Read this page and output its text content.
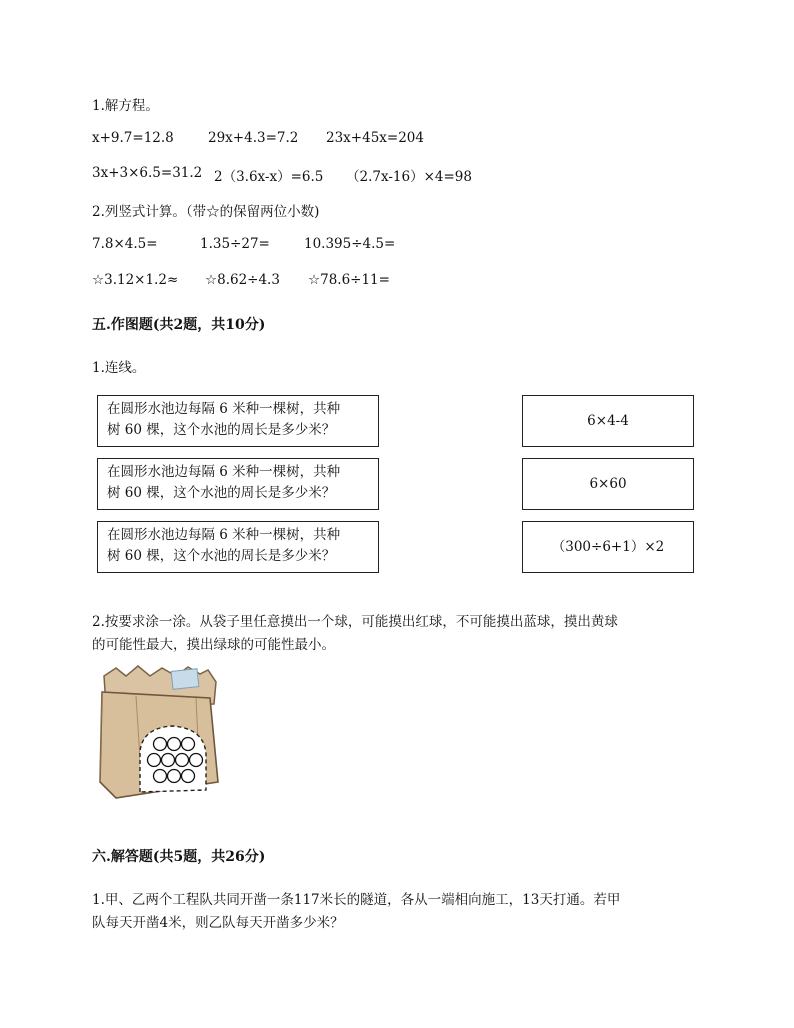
1.解方程。
x+9.7=12.8	29x+4.3=7.2 23x+45x=204
3x+3×6.5=31.2 2（3.6x-x）=6.5 （2.7x-16）×4=98
2.列竖式计算。（带☆的保留两位小数)
7.8×4.5=	1.35÷27=	10.395÷4.5=
☆3.12×1.2≈ ☆8.62÷4.3 ☆78.6÷11=
五.作图题(共2题，共10分)
1.连线。
在圆形水池边每隔 6 米种一棵树，共种
树 60 棵，这个水池的周长是多少米？
在圆形水池边每隔 6 米种一棵树，共种
树 60 棵，这个水池的周长是多少米？
在圆形水池边每隔 6 米种一棵树，共种
树 60 棵，这个水池的周长是多少米？
6×4-4
6×60
（300÷6+1）×2
2.按要求涂一涂。从袋子里任意摸出一个球，可能摸出红球，不可能摸出蓝球，摸出黄球
的可能性最大，摸出绿球的可能性最小。
六.解答题(共5题，共26分)
1.甲、乙两个工程队共同开凿一条117米长的隧道，各从一端相向施工，13天打通。若甲
队每天开凿4米，则乙队每天开凿多少米？
